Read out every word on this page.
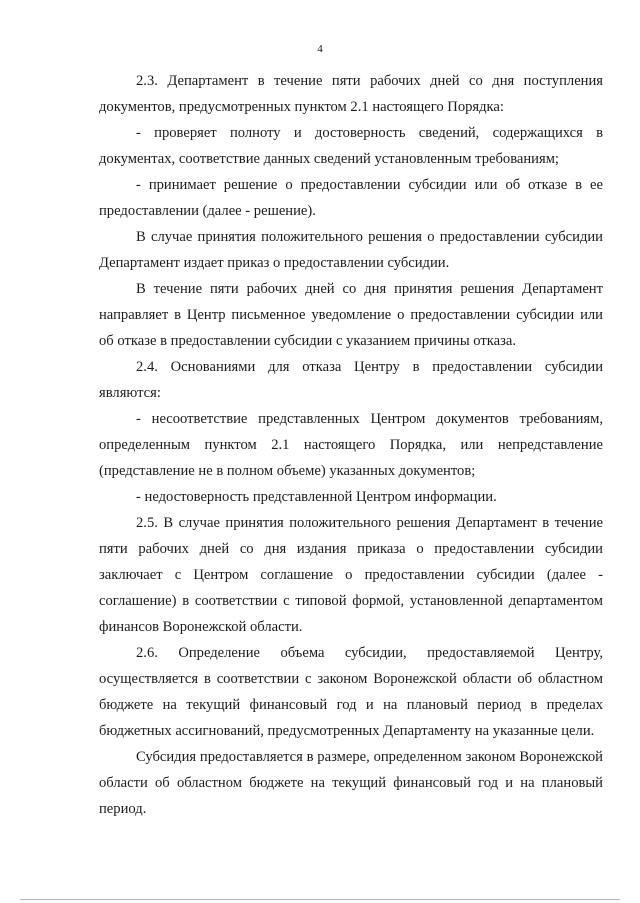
4

2.3. Департамент в течение пяти рабочих дней со дня поступления документов, предусмотренных пунктом 2.1 настоящего Порядка:

- проверяет полноту и достоверность сведений, содержащихся в документах, соответствие данных сведений установленным требованиям;

- принимает решение о предоставлении субсидии или об отказе в ее предоставлении (далее - решение).

В случае принятия положительного решения о предоставлении субсидии Департамент издает приказ о предоставлении субсидии.

В течение пяти рабочих дней со дня принятия решения Департамент направляет в Центр письменное уведомление о предоставлении субсидии или об отказе в предоставлении субсидии с указанием причины отказа.

2.4. Основаниями для отказа Центру в предоставлении субсидии являются:

- несоответствие представленных Центром документов требованиям, определенным пунктом 2.1 настоящего Порядка, или непредставление (представление не в полном объеме) указанных документов;

- недостоверность представленной Центром информации.

2.5. В случае принятия положительного решения Департамент в течение пяти рабочих дней со дня издания приказа о предоставлении субсидии заключает с Центром соглашение о предоставлении субсидии (далее - соглашение) в соответствии с типовой формой, установленной департаментом финансов Воронежской области.

2.6. Определение объема субсидии, предоставляемой Центру, осуществляется в соответствии с законом Воронежской области об областном бюджете на текущий финансовый год и на плановый период в пределах бюджетных ассигнований, предусмотренных Департаменту на указанные цели.

Субсидия предоставляется в размере, определенном законом Воронежской области об областном бюджете на текущий финансовый год и на плановый период.
